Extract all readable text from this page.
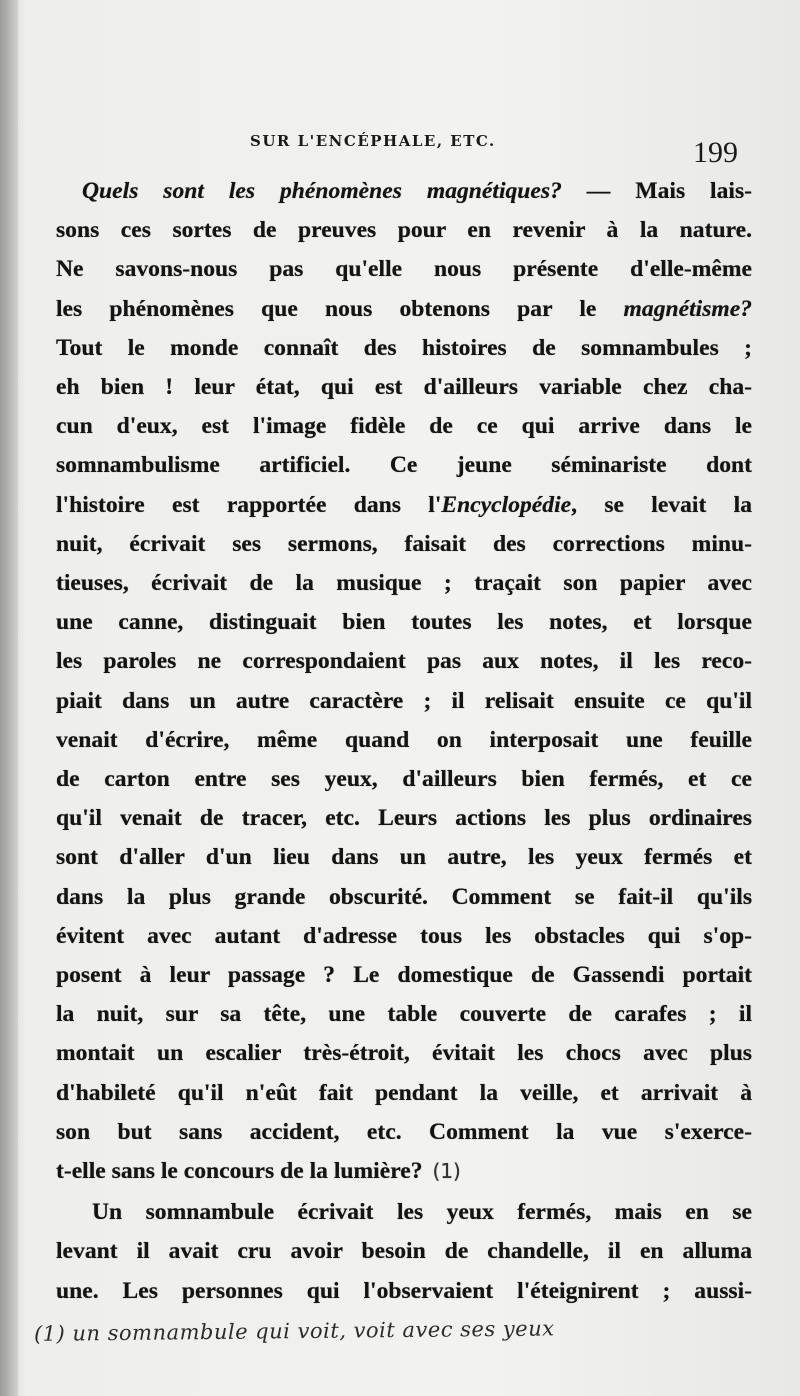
SUR L'ENCÉPHALE, ETC.	199

Quels sont les phénomènes magnétiques? — Mais lais-
sons ces sortes de preuves pour en revenir à la nature.
Ne savons-nous pas qu'elle nous présente d'elle-même
les phénomènes que nous obtenons par le magnétisme?
Tout le monde connaît des histoires de somnambules ;
eh bien ! leur état, qui est d'ailleurs variable chez cha-
cun d'eux, est l'image fidèle de ce qui arrive dans le
somnambulisme artificiel. Ce jeune séminariste dont
l'histoire est rapportée dans l'Encyclopédie, se levait la
nuit, écrivait ses sermons, faisait des corrections minu-
tieuses, écrivait de la musique ; traçait son papier avec
une canne, distinguait bien toutes les notes, et lorsque
les paroles ne correspondaient pas aux notes, il les reco-
piait dans un autre caractère ; il relisait ensuite ce qu'il
venait d'écrire, même quand on interposait une feuille
de carton entre ses yeux, d'ailleurs bien fermés, et ce
qu'il venait de tracer, etc. Leurs actions les plus ordinaires
sont d'aller d'un lieu dans un autre, les yeux fermés et
dans la plus grande obscurité. Comment se fait-il qu'ils
évitent avec autant d'adresse tous les obstacles qui s'op-
posent à leur passage ? Le domestique de Gassendi portait
la nuit, sur sa tête, une table couverte de carafes ; il
montait un escalier très-étroit, évitait les chocs avec plus
d'habileté qu'il n'eût fait pendant la veille, et arrivait à
son but sans accident, etc. Comment la vue s'exerce-
t-elle sans le concours de la lumière? (1)

Un somnambule écrivait les yeux fermés, mais en se
levant il avait cru avoir besoin de chandelle, il en alluma
une. Les personnes qui l'observaient l'éteignirent ; aussi-

(1) un somnambule qui voit, voit avec ses yeux
